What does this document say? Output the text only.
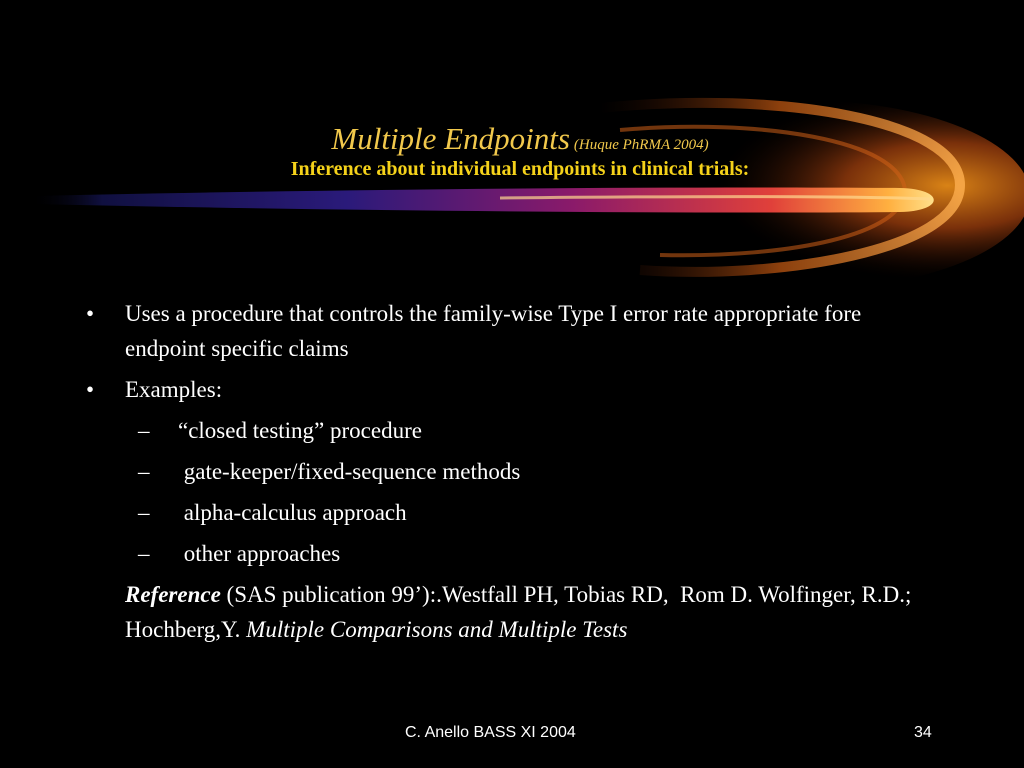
Multiple Endpoints (Huque PhRMA 2004)
Inference about individual endpoints in clinical trials:
• Uses a procedure that controls the family-wise Type I error rate appropriate fore endpoint specific claims
• Examples:
– “closed testing” procedure
– gate-keeper/fixed-sequence methods
– alpha-calculus approach
– other approaches
Reference (SAS publication 99’):.Westfall PH, Tobias RD,  Rom D. Wolfinger, R.D.; Hochberg,Y. Multiple Comparisons and Multiple Tests
C. Anello BASS XI 2004	34
